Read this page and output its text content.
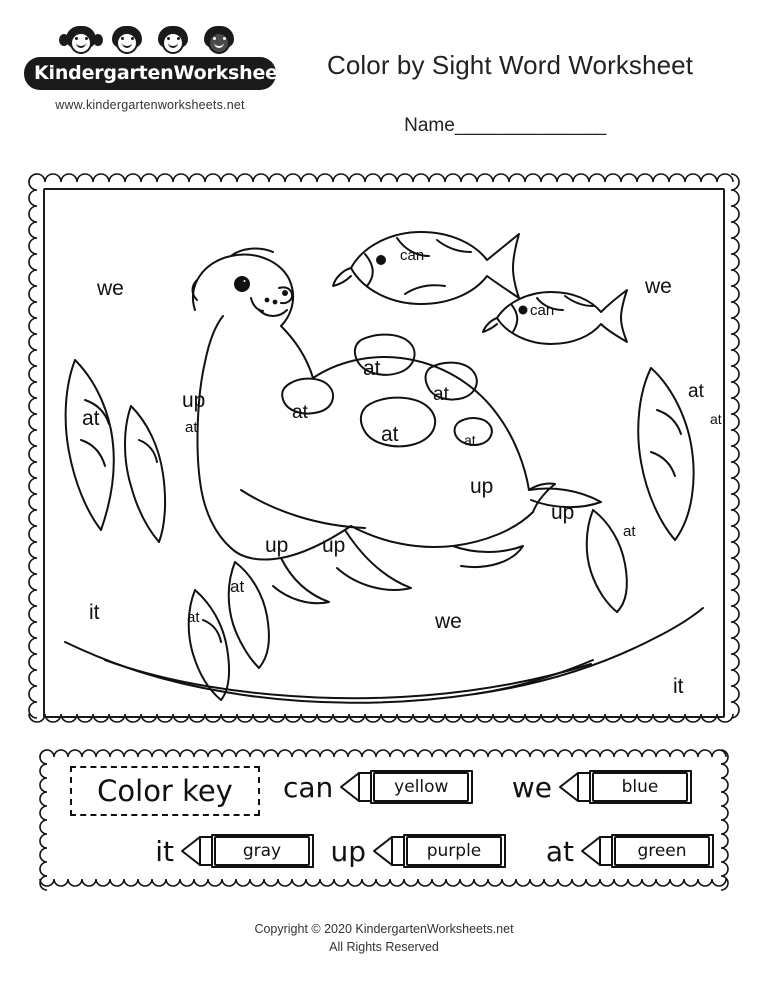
KindergartenWorksheets.net
www.kindergartenworksheets.net
Color by Sight Word Worksheet
Name_______________
we
can
can
we
up
at	at
at
at
at
at	at
at
at
up
up
at
up up
at
at
it	we
it
Color key can	yellow	we	blue
it	gray	up	purple	at	green
Copyright © 2020 KindergartenWorksheets.net
All Rights Reserved
